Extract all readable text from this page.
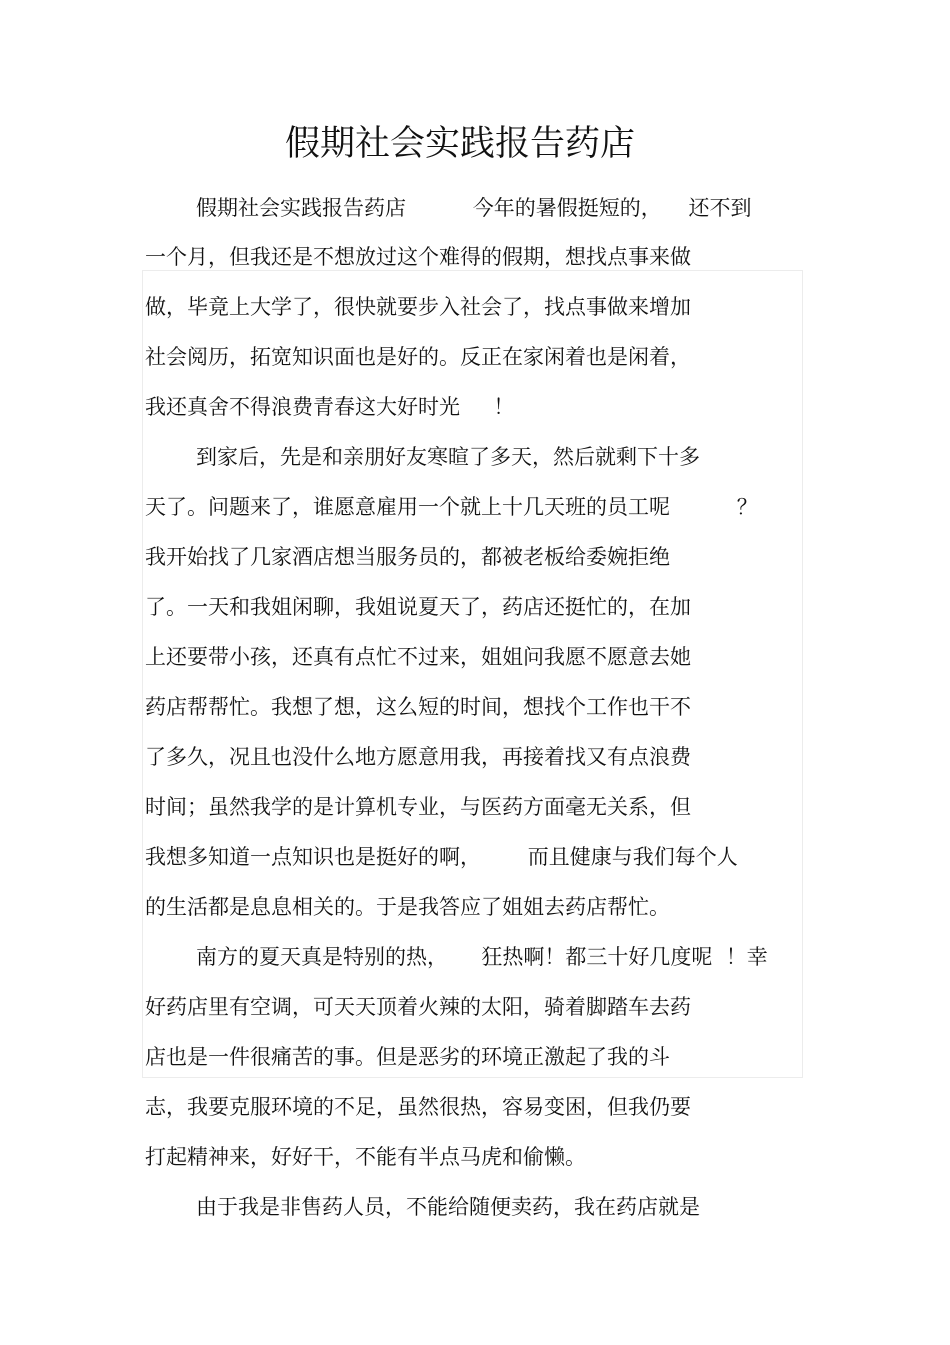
假期社会实践报告药店
假期社会实践报告药店          今年的暑假挺短的，    还不到
一个月，但我还是不想放过这个难得的假期，想找点事来做
做，毕竟上大学了，很快就要步入社会了，找点事做来增加
社会阅历，拓宽知识面也是好的。反正在家闲着也是闲着，
我还真舍不得浪费青春这大好时光     ！
到家后，先是和亲朋好友寒暄了多天，然后就剩下十多
天了。问题来了，谁愿意雇用一个就上十几天班的员工呢          ？
我开始找了几家酒店想当服务员的，都被老板给委婉拒绝
了。一天和我姐闲聊，我姐说夏天了，药店还挺忙的，在加
上还要带小孩，还真有点忙不过来，姐姐问我愿不愿意去她
药店帮帮忙。我想了想，这么短的时间，想找个工作也干不
了多久，况且也没什么地方愿意用我，再接着找又有点浪费
时间；虽然我学的是计算机专业，与医药方面毫无关系，但
我想多知道一点知识也是挺好的啊，       而且健康与我们每个人
的生活都是息息相关的。于是我答应了姐姐去药店帮忙。
南方的夏天真是特别的热，     狂热啊！都三十好几度呢  ！幸
好药店里有空调，可天天顶着火辣的太阳，骑着脚踏车去药
店也是一件很痛苦的事。但是恶劣的环境正激起了我的斗
志，我要克服环境的不足，虽然很热，容易变困，但我仍要
打起精神来，好好干，不能有半点马虎和偷懒。
由于我是非售药人员，不能给随便卖药，我在药店就是
